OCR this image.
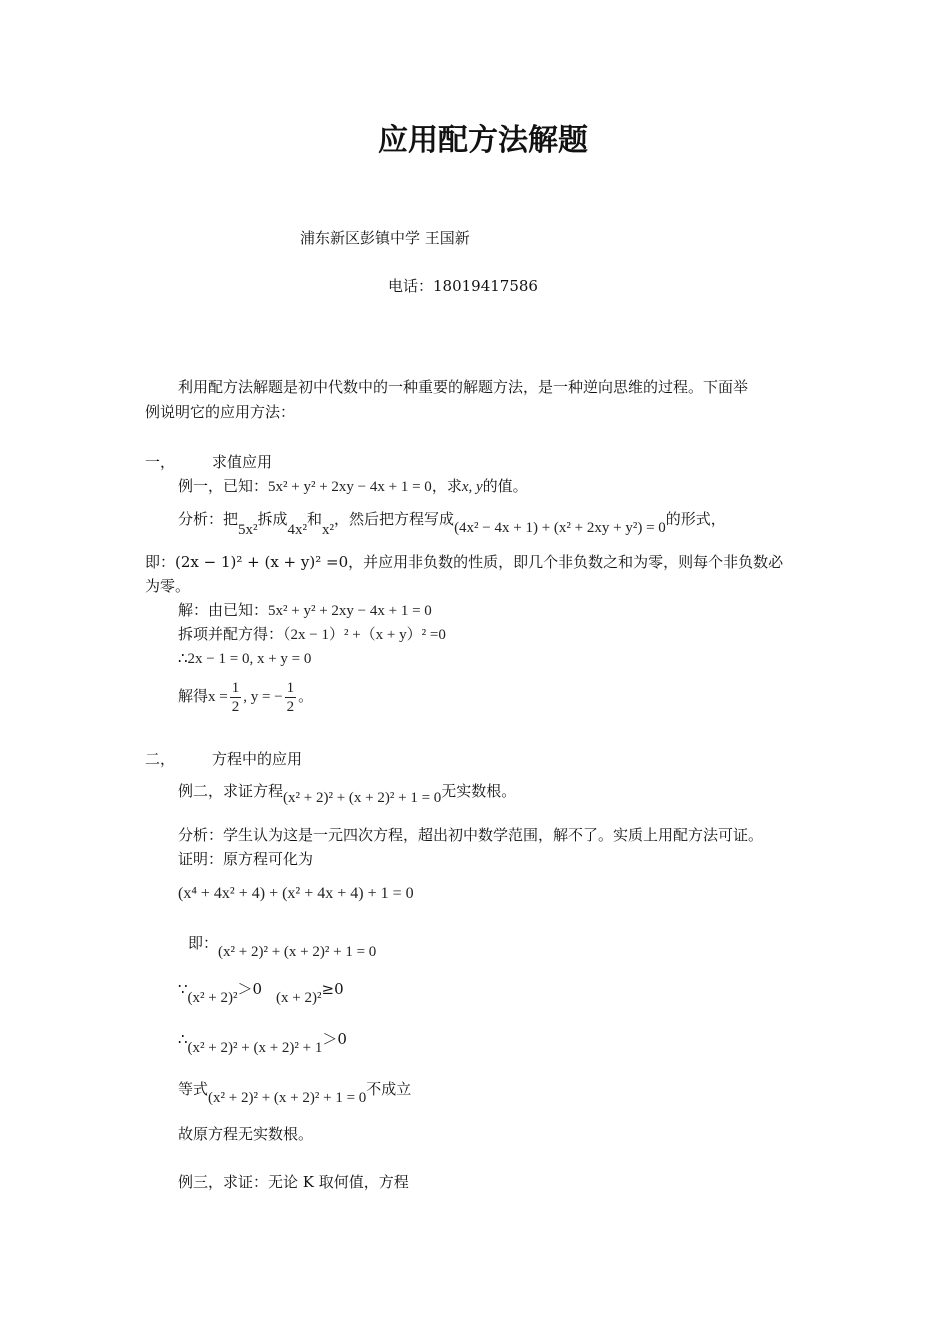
应用配方法解题
浦东新区彭镇中学 王国新
电话：18019417586
利用配方法解题是初中代数中的一种重要的解题方法，是一种逆向思维的过程。下面举
例说明它的应用方法：
一， 求值应用
例一，已知：5x² + y² + 2xy − 4x + 1 = 0，求x, y的值。
分析：把5x²拆成4x²和x²，然后把方程写成(4x² − 4x + 1) + (x² + 2xy + y²) = 0的形式，
即：(2x − 1)² + (x + y)² =0，并应用非负数的性质，即几个非负数之和为零，则每个非负数必
为零。
解：由已知：5x² + y² + 2xy − 4x + 1 = 0
拆项并配方得：（2x − 1）² +（x + y）² =0
∴2x − 1 = 0, x + y = 0
解得$x = \frac{1}{2}$ , y = − $\frac{1}{2}$ 。
二， 方程中的应用
例二，求证方程(x² + 2)² + (x + 2)² + 1 = 0无实数根。
分析：学生认为这是一元四次方程，超出初中数学范围，解不了。实质上用配方法可证。
证明：原方程可化为
(x⁴ + 4x² + 4) + (x² + 4x + 4) + 1 = 0
即：(x² + 2)² + (x + 2)² + 1 = 0
∵(x² + 2)²＞0 (x + 2)²≥0
∴(x² + 2)² + (x + 2)² + 1＞0
等式(x² + 2)² + (x + 2)² + 1 = 0不成立
故原方程无实数根。
例三，求证：无论 K 取何值，方程
